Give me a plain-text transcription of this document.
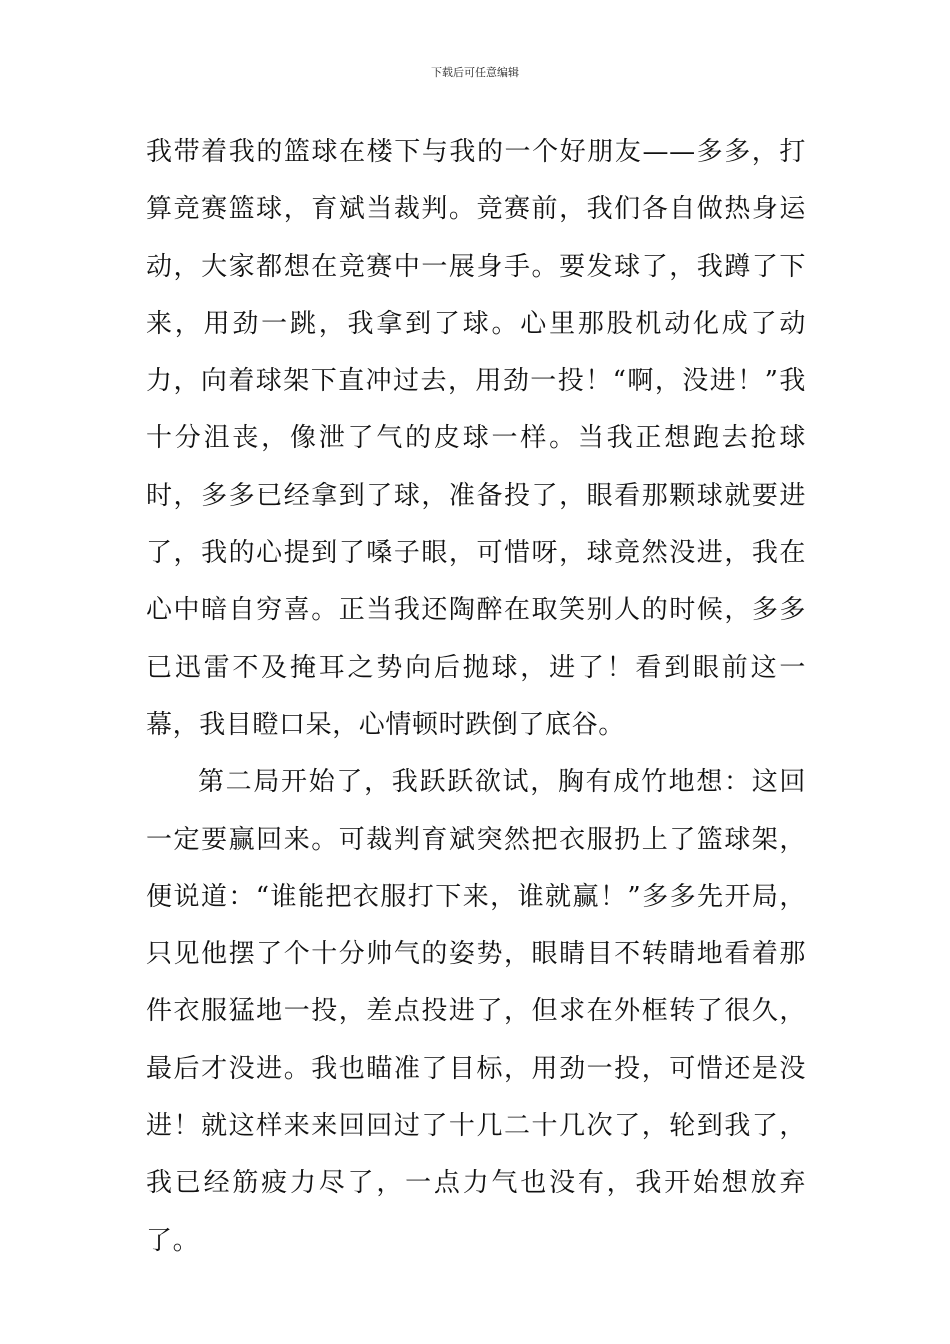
下载后可任意编辑

我带着我的篮球在楼下与我的一个好朋友——多多，打算竞赛篮球，育斌当裁判。竞赛前，我们各自做热身运动，大家都想在竞赛中一展身手。要发球了，我蹲了下来，用劲一跳，我拿到了球。心里那股机动化成了动力，向着球架下直冲过去，用劲一投！“啊，没进！”我十分沮丧，像泄了气的皮球一样。当我正想跑去抢球时，多多已经拿到了球，准备投了，眼看那颗球就要进了，我的心提到了嗓子眼，可惜呀，球竟然没进，我在心中暗自穷喜。正当我还陶醉在取笑别人的时候，多多已迅雷不及掩耳之势向后抛球，进了！看到眼前这一幕，我目瞪口呆，心情顿时跌倒了底谷。

第二局开始了，我跃跃欲试，胸有成竹地想：这回一定要赢回来。可裁判育斌突然把衣服扔上了篮球架，便说道：“谁能把衣服打下来，谁就赢！”多多先开局，只见他摆了个十分帅气的姿势，眼睛目不转睛地看着那件衣服猛地一投，差点投进了，但求在外框转了很久，最后才没进。我也瞄准了目标，用劲一投，可惜还是没进！就这样来来回回过了十几二十几次了，轮到我了，我已经筋疲力尽了，一点力气也没有，我开始想放弃了。
